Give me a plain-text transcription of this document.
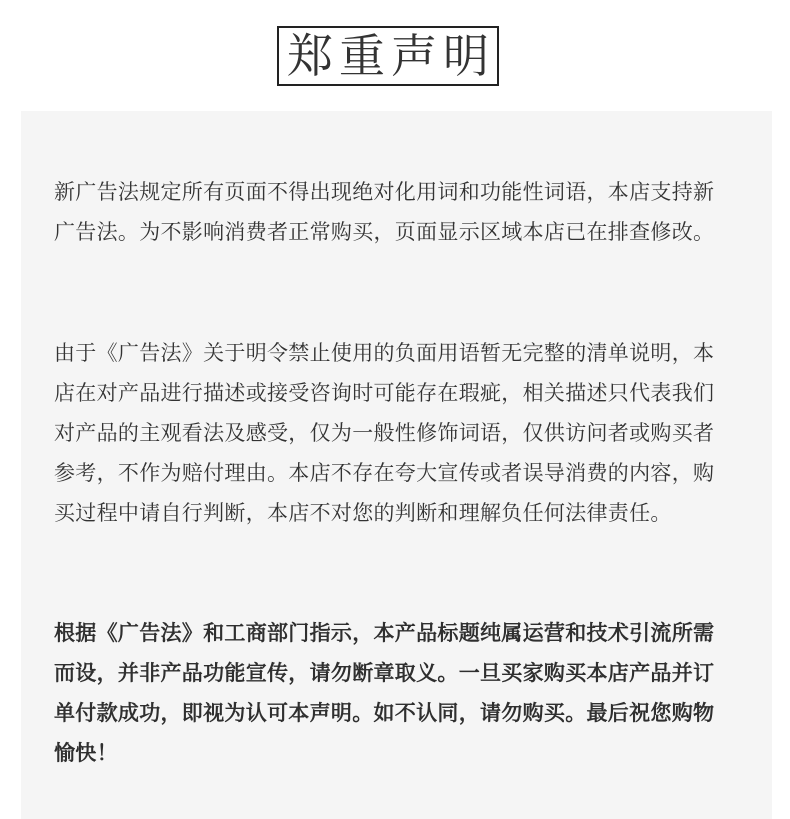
郑重声明

新广告法规定所有页面不得出现绝对化用词和功能性词语，本店支持新广告法。为不影响消费者正常购买，页面显示区域本店已在排查修改。

由于《广告法》关于明令禁止使用的负面用语暂无完整的清单说明，本店在对产品进行描述或接受咨询时可能存在瑕疵，相关描述只代表我们对产品的主观看法及感受，仅为一般性修饰词语，仅供访问者或购买者参考，不作为赔付理由。本店不存在夸大宣传或者误导消费的内容，购买过程中请自行判断，本店不对您的判断和理解负任何法律责任。

根据《广告法》和工商部门指示，本产品标题纯属运营和技术引流所需而设，并非产品功能宣传，请勿断章取义。一旦买家购买本店产品并订单付款成功，即视为认可本声明。如不认同，请勿购买。最后祝您购物愉快！
